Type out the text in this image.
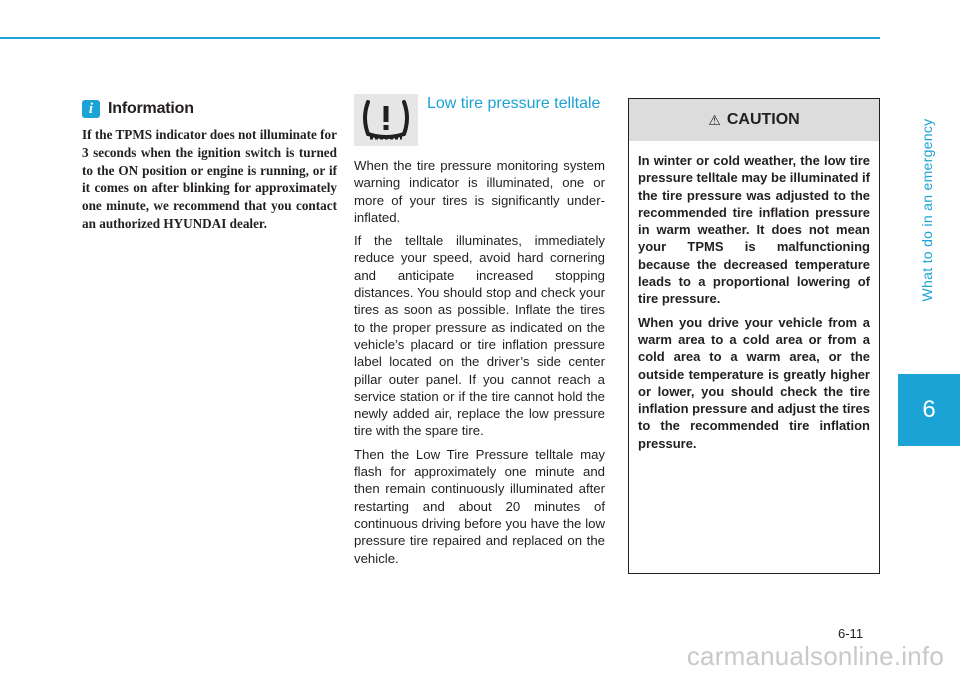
What to do in an emergency
6
i Information
If the TPMS indicator does not illuminate for 3 seconds when the ignition switch is turned to the ON position or engine is running, or if it comes on after blinking for approximately one minute, we recommend that you contact an authorized HYUNDAI dealer.
Low tire pressure telltale

When the tire pressure monitoring system warning indicator is illuminated, one or more of your tires is significantly under-inflated.

If the telltale illuminates, immediately reduce your speed, avoid hard cornering and anticipate increased stopping distances. You should stop and check your tires as soon as possible. Inflate the tires to the proper pressure as indicated on the vehicle’s placard or tire inflation pressure label located on the driver’s side center pillar outer panel. If you cannot reach a service station or if the tire cannot hold the newly added air, replace the low pressure tire with the spare tire.

Then the Low Tire Pressure telltale may flash for approximately one minute and then remain continuously illuminated after restarting and about 20 minutes of continuous driving before you have the low pressure tire repaired and replaced on the vehicle.

⚠ CAUTION

In winter or cold weather, the low tire pressure telltale may be illuminated if the tire pressure was adjusted to the recommended tire inflation pressure in warm weather. It does not mean your TPMS is malfunctioning because the decreased temperature leads to a proportional lowering of tire pressure.

When you drive your vehicle from a warm area to a cold area or from a cold area to a warm area, or the outside temperature is greatly higher or lower, you should check the tire inflation pressure and adjust the tires to the recommended tire inflation pressure.

6-11
carmanualsonline.info
